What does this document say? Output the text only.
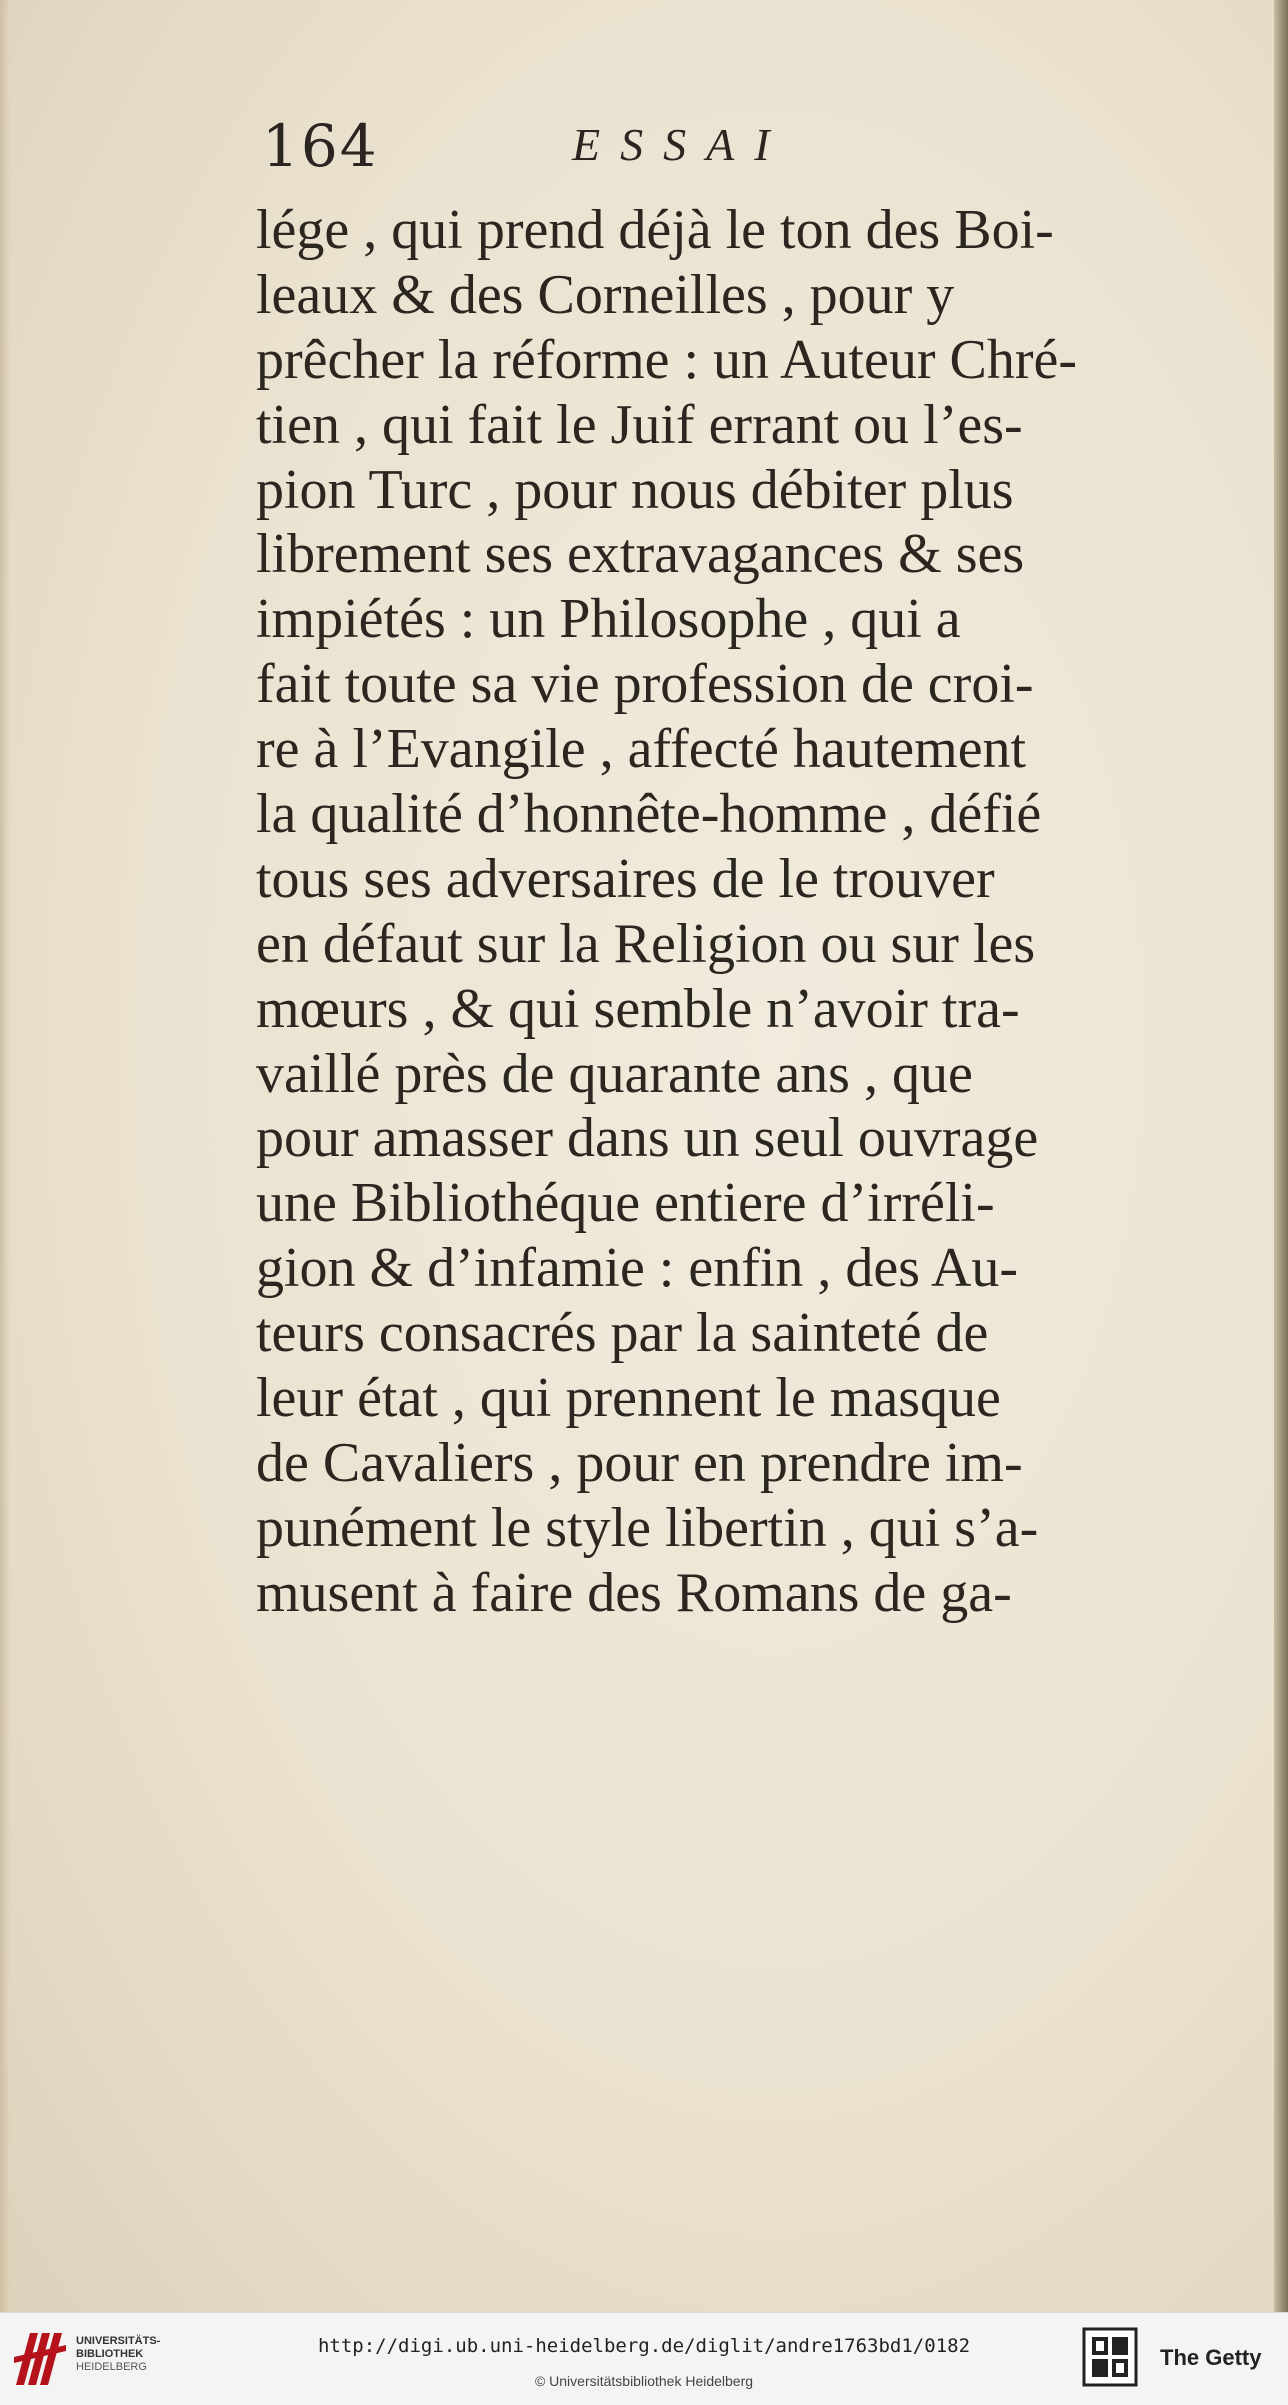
164	ESSAI
lége , qui prend déjà le ton des Boi-
leaux & des Corneilles , pour y
prêcher la réforme : un Auteur Chré-
tien , qui fait le Juif errant ou l’es-
pion Turc , pour nous débiter plus
librement ses extravagances & ses
impiétés : un Philosophe , qui a
fait toute sa vie profession de croi-
re à l’Evangile , affecté hautement
la qualité d’honnête-homme , défié
tous ses adversaires de le trouver
en défaut sur la Religion ou sur les
mœurs , & qui semble n’avoir tra-
vaillé près de quarante ans , que
pour amasser dans un seul ouvrage
une Bibliothéque entiere d’irréli-
gion & d’infamie : enfin , des Au-
teurs consacrés par la sainteté de
leur état , qui prennent le masque
de Cavaliers , pour en prendre im-
punément le style libertin , qui s’a-
musent à faire des Romans de ga-
UNIVERSITÄTS-
BIBLIOTHEK
HEIDELBERG
http://digi.ub.uni-heidelberg.de/diglit/andre1763bd1/0182
© Universitätsbibliothek Heidelberg
The Getty
